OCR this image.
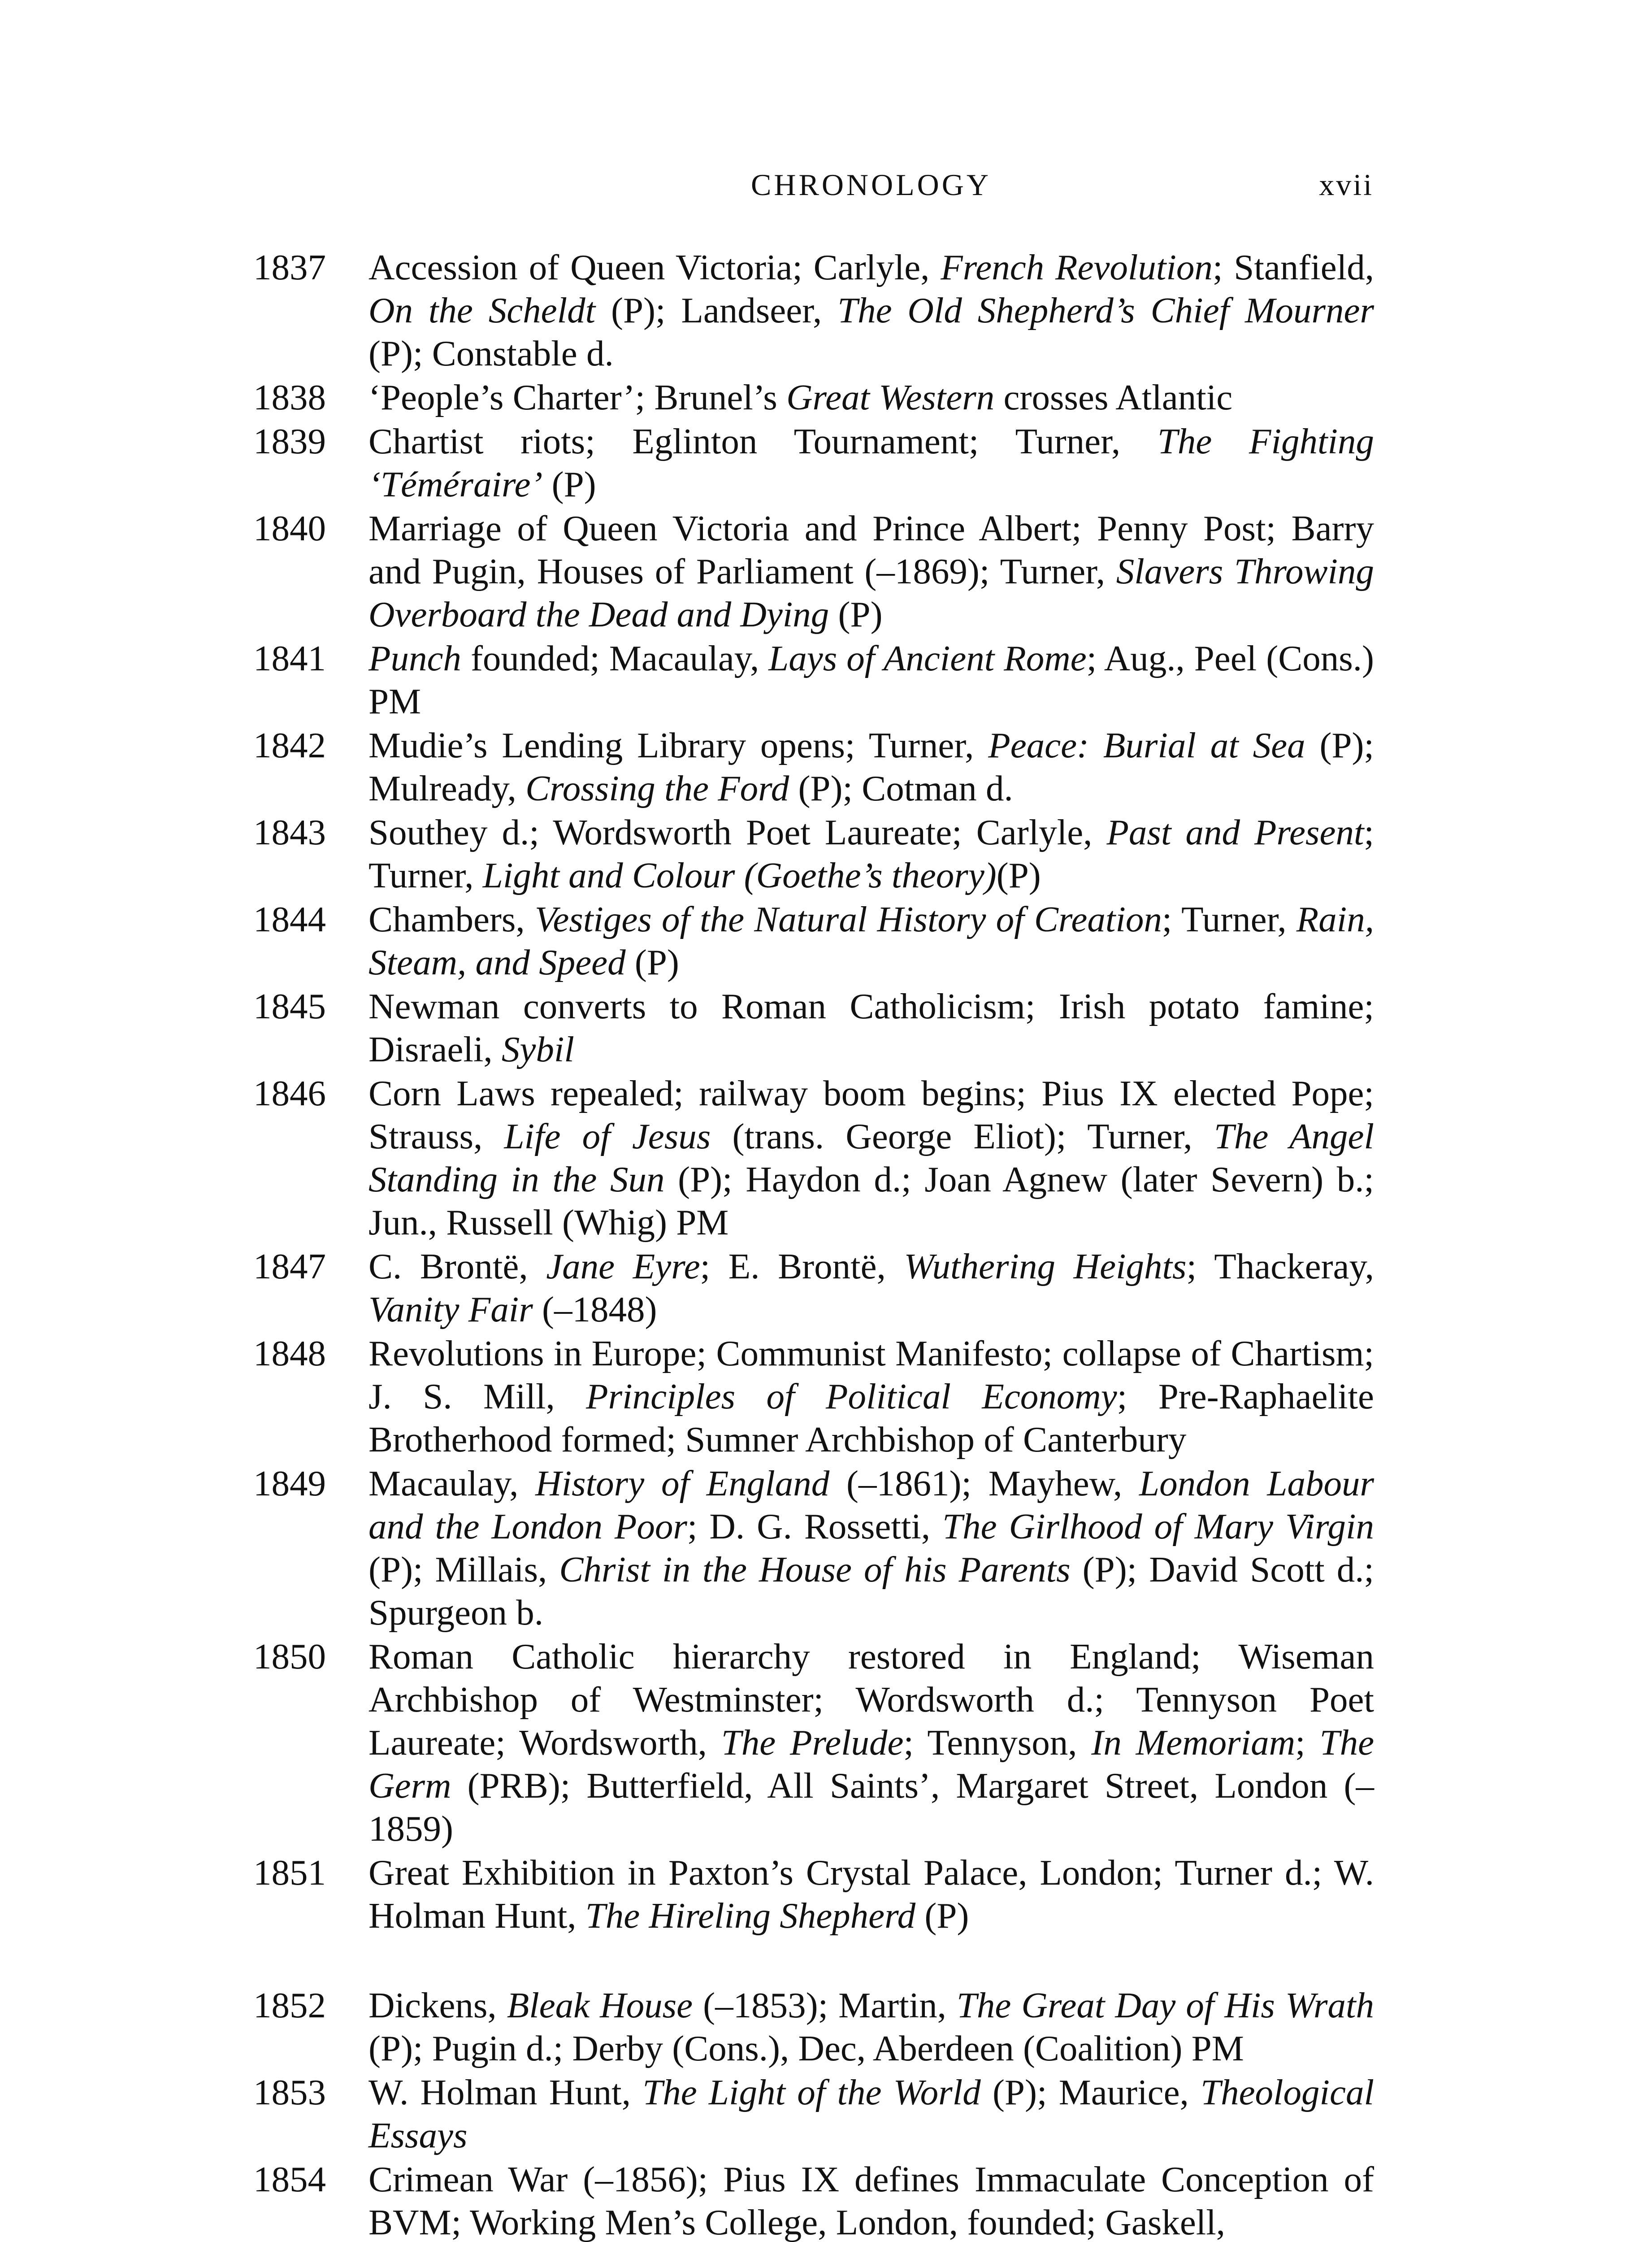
CHRONOLOGY	xvii
1837	Accession of Queen Victoria; Carlyle, French Revolution; Stanfield, On the Scheldt (P); Landseer, The Old Shepherd’s Chief Mourner (P); Constable d.
1838	‘People’s Charter’; Brunel’s Great Western crosses Atlantic
1839	Chartist riots; Eglinton Tournament; Turner, The Fighting ‘Téméraire’ (P)
1840	Marriage of Queen Victoria and Prince Albert; Penny Post; Barry and Pugin, Houses of Parliament (–1869); Turner, Slavers Throwing Overboard the Dead and Dying (P)
1841	Punch founded; Macaulay, Lays of Ancient Rome; Aug., Peel (Cons.) PM
1842	Mudie’s Lending Library opens; Turner, Peace: Burial at Sea (P); Mulready, Crossing the Ford (P); Cotman d.
1843	Southey d.; Wordsworth Poet Laureate; Carlyle, Past and Present; Turner, Light and Colour (Goethe’s theory)(P)
1844	Chambers, Vestiges of the Natural History of Creation; Turner, Rain, Steam, and Speed (P)
1845	Newman converts to Roman Catholicism; Irish potato famine; Disraeli, Sybil
1846	Corn Laws repealed; railway boom begins; Pius IX elected Pope; Strauss, Life of Jesus (trans. George Eliot); Turner, The Angel Standing in the Sun (P); Haydon d.; Joan Agnew (later Severn) b.; Jun., Russell (Whig) PM
1847	C. Brontë, Jane Eyre; E. Brontë, Wuthering Heights; Thackeray, Vanity Fair (–1848)
1848	Revolutions in Europe; Communist Manifesto; collapse of Chartism; J. S. Mill, Principles of Political Economy; Pre-Raphaelite Brotherhood formed; Sumner Archbishop of Canterbury
1849	Macaulay, History of England (–1861); Mayhew, London Labour and the London Poor; D. G. Rossetti, The Girlhood of Mary Virgin (P); Millais, Christ in the House of his Parents (P); David Scott d.; Spurgeon b.
1850	Roman Catholic hierarchy restored in England; Wiseman Archbishop of Westminster; Wordsworth d.; Tennyson Poet Laureate; Wordsworth, The Prelude; Tennyson, In Memoriam; The Germ (PRB); Butterfield, All Saints’, Margaret Street, London (–1859)
1851	Great Exhibition in Paxton’s Crystal Palace, London; Turner d.; W. Holman Hunt, The Hireling Shepherd (P)
1852	Dickens, Bleak House (–1853); Martin, The Great Day of His Wrath (P); Pugin d.; Derby (Cons.), Dec, Aberdeen (Coalition) PM
1853	W. Holman Hunt, The Light of the World (P); Maurice, Theological Essays
1854	Crimean War (–1856); Pius IX defines Immaculate Conception of BVM; Working Men’s College, London, founded; Gaskell,
